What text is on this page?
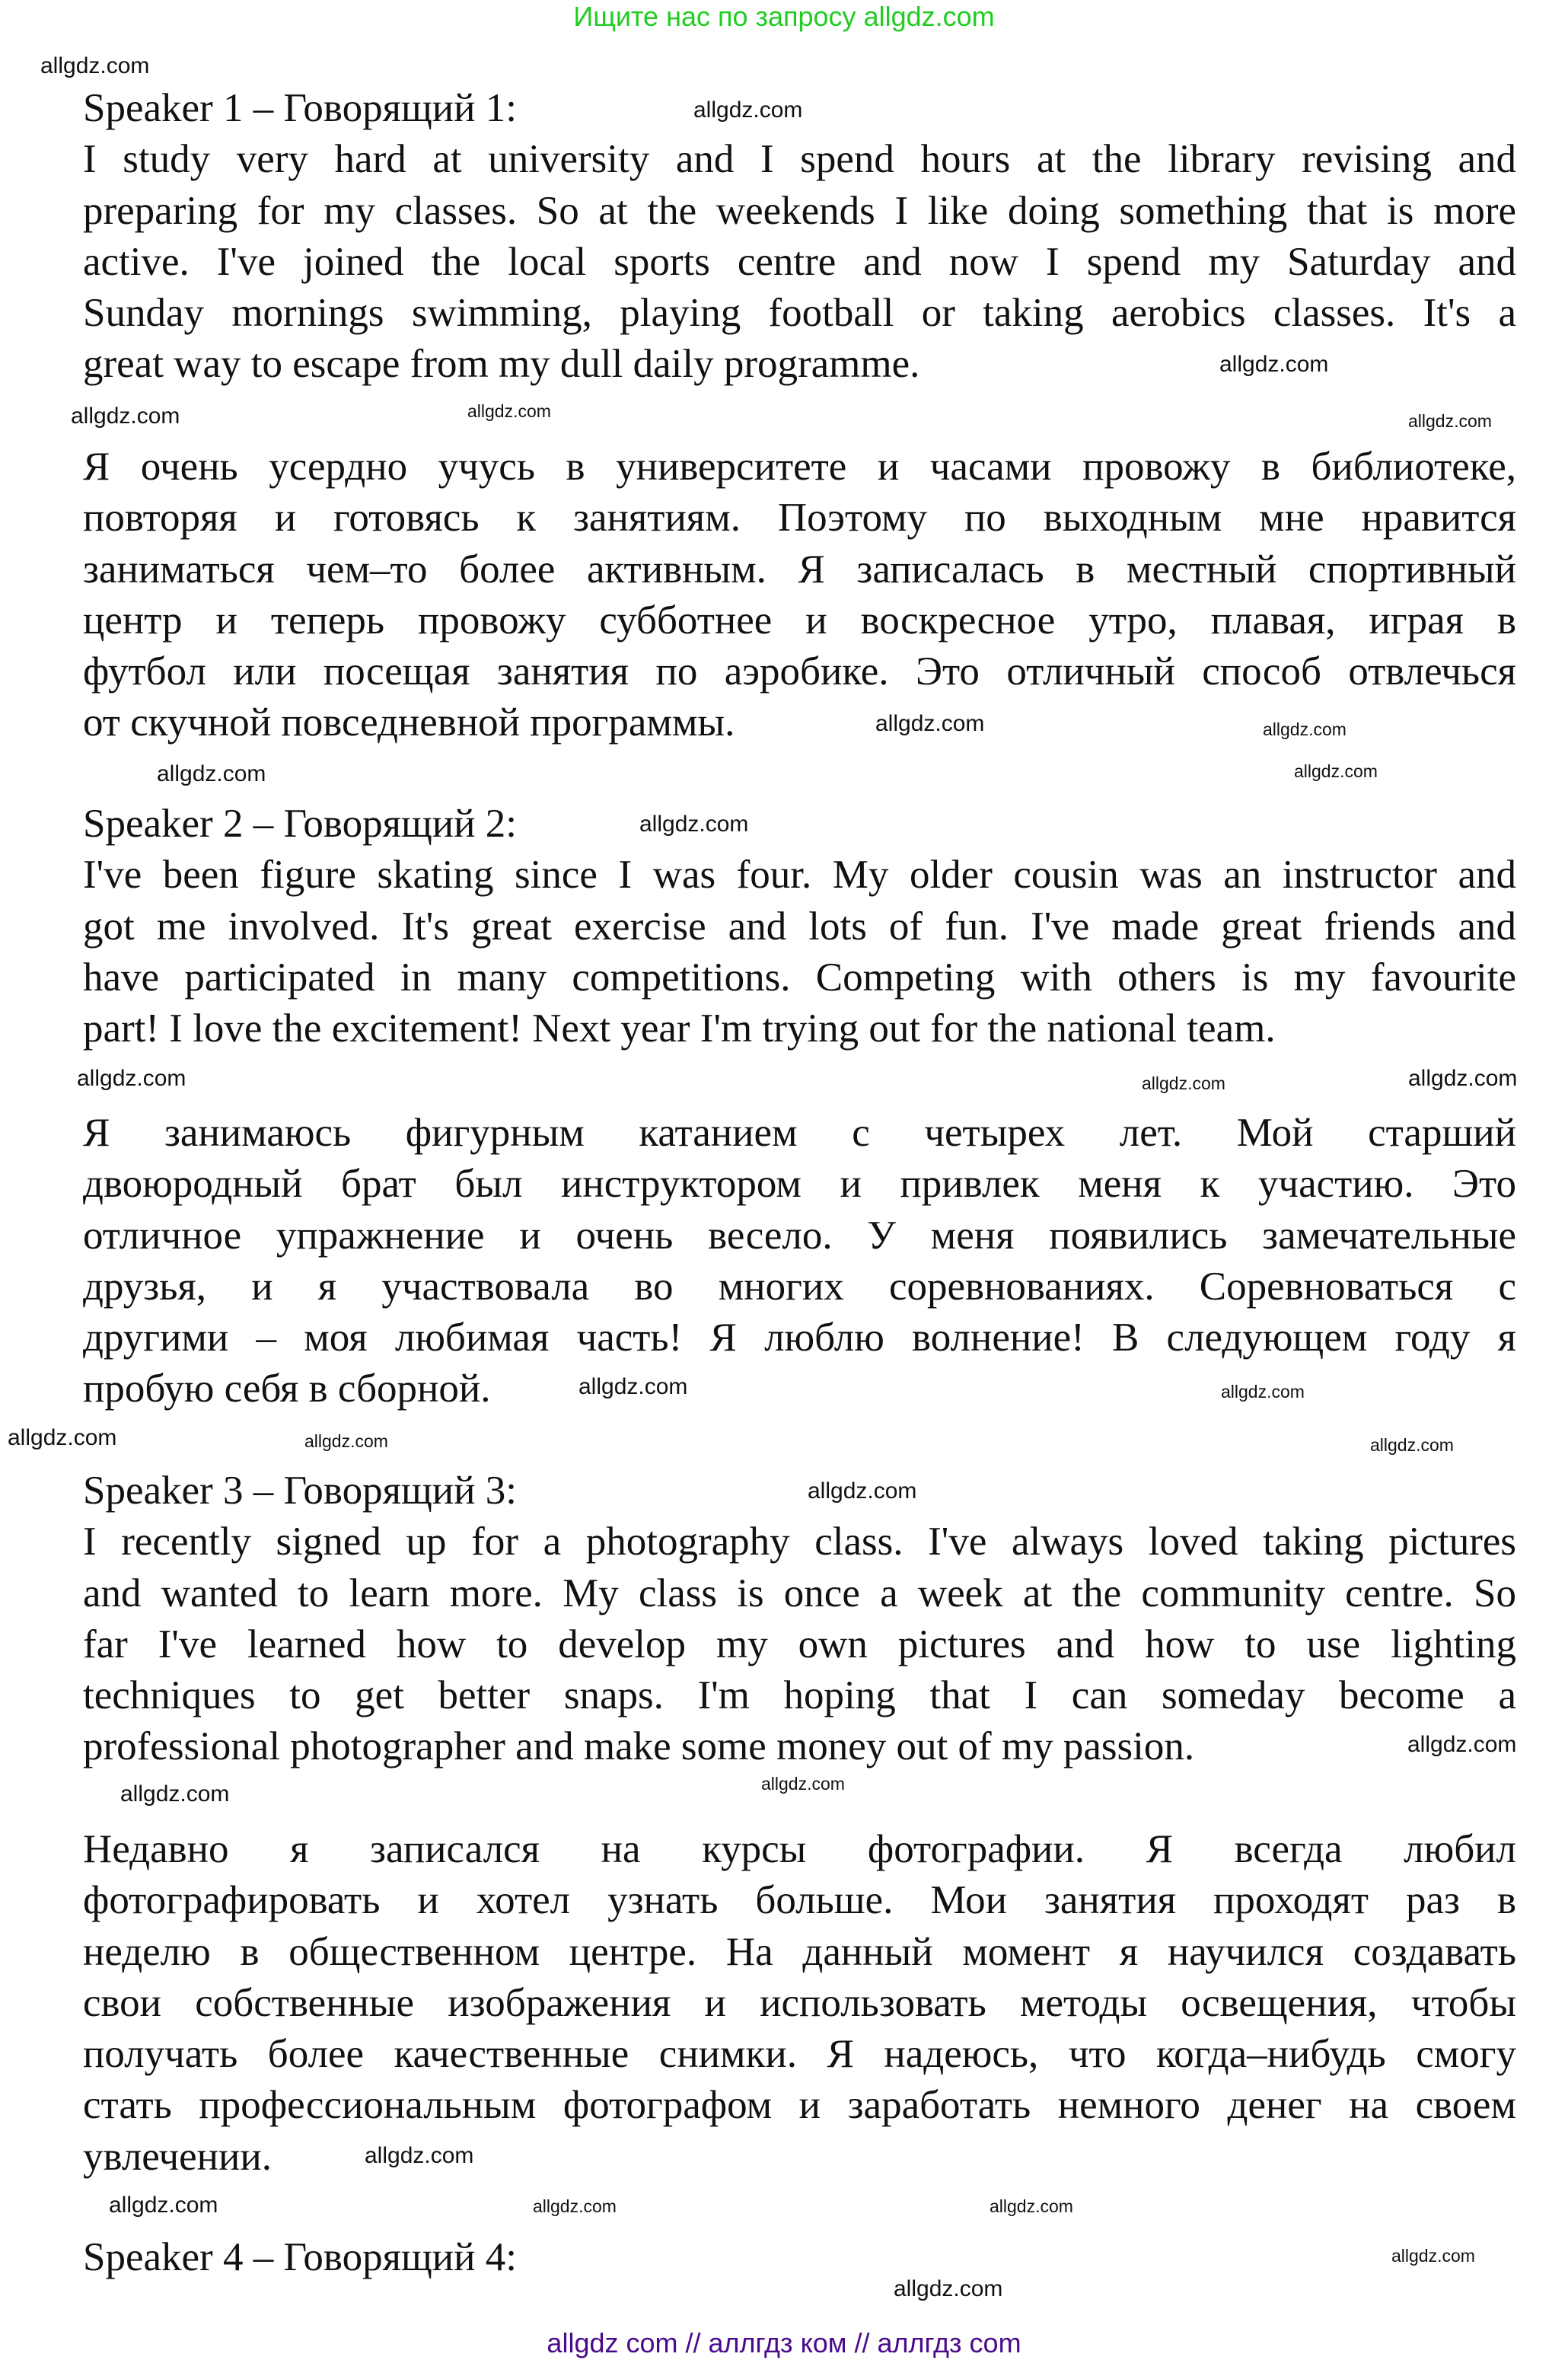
Ищите нас по запросу allgdz.com
Speaker 1 – Говорящий 1:
I study very hard at university and I spend hours at the library revising and
preparing for my classes. So at the weekends I like doing something that is more
active. I've joined the local sports centre and now I spend my Saturday and
Sunday mornings swimming, playing football or taking aerobics classes. It's a
great way to escape from my dull daily programme.
Я очень усердно учусь в университете и часами провожу в библиотеке,
повторяя и готовясь к занятиям. Поэтому по выходным мне нравится
заниматься чем–то более активным. Я записалась в местный спортивный
центр и теперь провожу субботнее и воскресное утро, плавая, играя в
футбол или посещая занятия по аэробике. Это отличный способ отвлечься
от скучной повседневной программы.
Speaker 2 – Говорящий 2:
I've been figure skating since I was four. My older cousin was an instructor and
got me involved. It's great exercise and lots of fun. I've made great friends and
have participated in many competitions. Competing with others is my favourite
part! I love the excitement! Next year I'm trying out for the national team.
Я занимаюсь фигурным катанием с четырех лет. Мой старший
двоюродный брат был инструктором и привлек меня к участию. Это
отличное упражнение и очень весело. У меня появились замечательные
друзья, и я участвовала во многих соревнованиях. Соревноваться с
другими – моя любимая часть! Я люблю волнение! В следующем году я
пробую себя в сборной.
Speaker 3 – Говорящий 3:
I recently signed up for a photography class. I've always loved taking pictures
and wanted to learn more. My class is once a week at the community centre. So
far I've learned how to develop my own pictures and how to use lighting
techniques to get better snaps. I'm hoping that I can someday become a
professional photographer and make some money out of my passion.
Недавно я записался на курсы фотографии. Я всегда любил
фотографировать и хотел узнать больше. Мои занятия проходят раз в
неделю в общественном центре. На данный момент я научился создавать
свои собственные изображения и использовать методы освещения, чтобы
получать более качественные снимки. Я надеюсь, что когда–нибудь смогу
стать профессиональным фотографом и заработать немного денег на своем
увлечении.
Speaker 4 – Говорящий 4:
allgdz.com
allgdz.com
allgdz.com
allgdz.com
allgdz.com
allgdz.com
allgdz.com
allgdz.com	allgdz.com
allgdz.com
allgdz.com
allgdz.com	allgdz.com
allgdz.com
allgdz.com	allgdz.com
allgdz.com	allgdz.com
allgdz.com
allgdz.com
allgdz.com
allgdz.com
allgdz.com
allgdz.com	allgdz.com
allgdz.com
allgdz.com
allgdz.com
allgdz.com
allgdz com // аллгдз ком // аллгдз com
